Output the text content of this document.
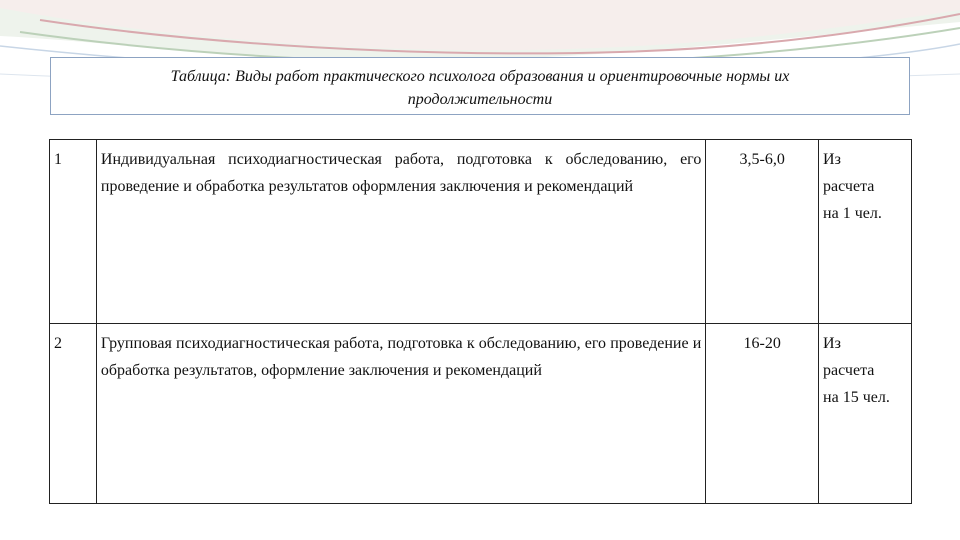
Таблица: Виды работ практического психолога образования и ориентировочные нормы их
продолжительности
1	Индивидуальная психодиагностическая работа, подготовка к обследованию, его проведение и обработка результатов оформления заключения и рекомендаций	3,5-6,0	Из
расчета
на 1 чел.

2	Групповая психодиагностическая работа, подготовка к обследованию, его проведение и обработка результатов, оформление заключения и рекомендаций	16-20	Из
расчета
на 15 чел.
